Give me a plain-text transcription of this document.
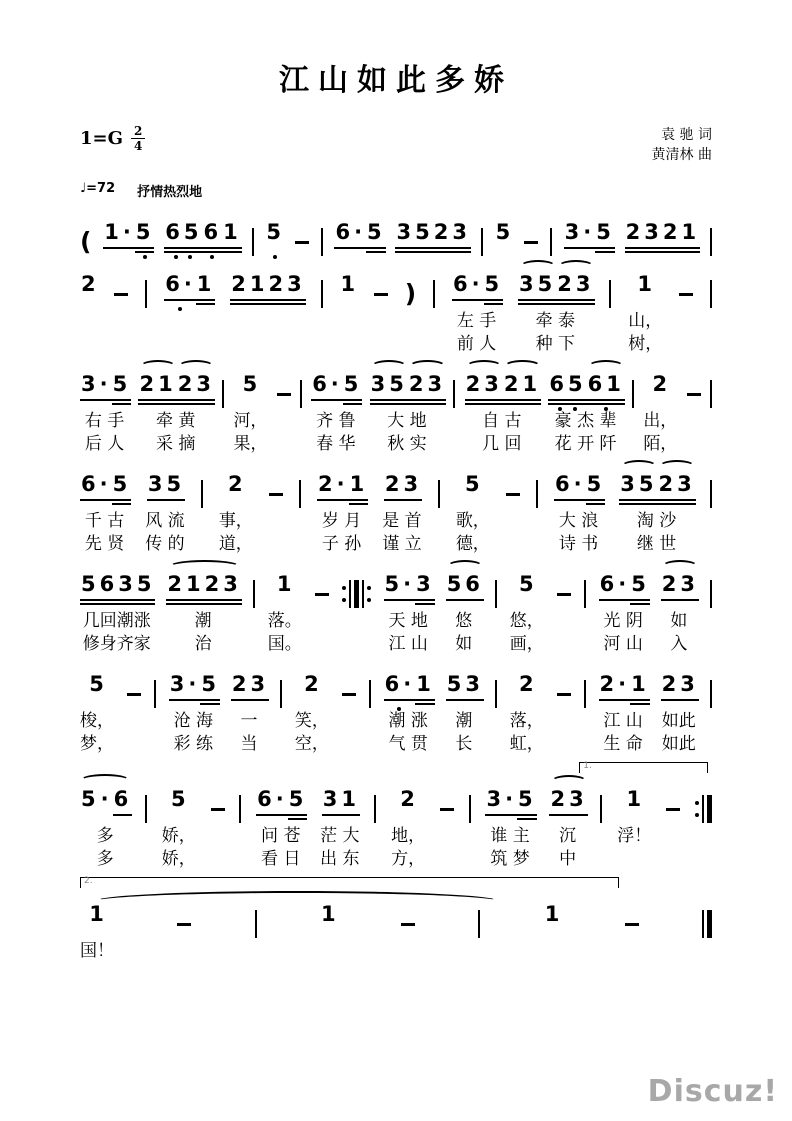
江山如此多娇
$1=G \frac{2}{4}$	袁 驰 词
黄清林 曲
♩=72 抒情热烈地
( 1· 5 65 6 1 5 6· 5 3523 5 3· 5 2321
2	6· 1 2123 1 ) 6· 5
左 手
前 人
35 23
牵 泰
种 下
1
山，
树，
3· 5
右 手
后 人
21 23
牵 黄
采 摘
5
河，
果，
6· 5
齐 鲁
春 华
35 23
大 地
秋 实
23 21
自 古
几 回
65 61
豪 杰 辈
花 开 阡
2
出，
陌，
6· 5
千 古
先 贤
35
风 流
传 的
2
事，
道，
2· 1
岁 月
子 孙
23
是 首
谨 立
5
歌，
德，
6· 5
大 浪
诗 书
35 23
淘 沙
继 世
5635
几回潮涨
修身齐家
2123
潮
治
1
落。
国。
5· 3
天 地
江 山
56
悠
如
5
悠，
画，
6· 5
光 阴
河 山
23
如
入
5
梭，
梦，
3· 5
沧 海
彩 练
23
一
当
2
笑，
空，
6· 1
潮 涨
气 贯
53
潮
长
2
落，
虹，
2· 1
江 山
生 命
23
如此
如此
1.
5 · 6
多
多
5
娇，
娇，
6· 5
问 苍
看 日
31
茫 大
出 东
2
地，
方，
3· 5
谁 主
筑 梦
23
沉
中
1
浮！
2.
1
国！
1	1
Discuz!
